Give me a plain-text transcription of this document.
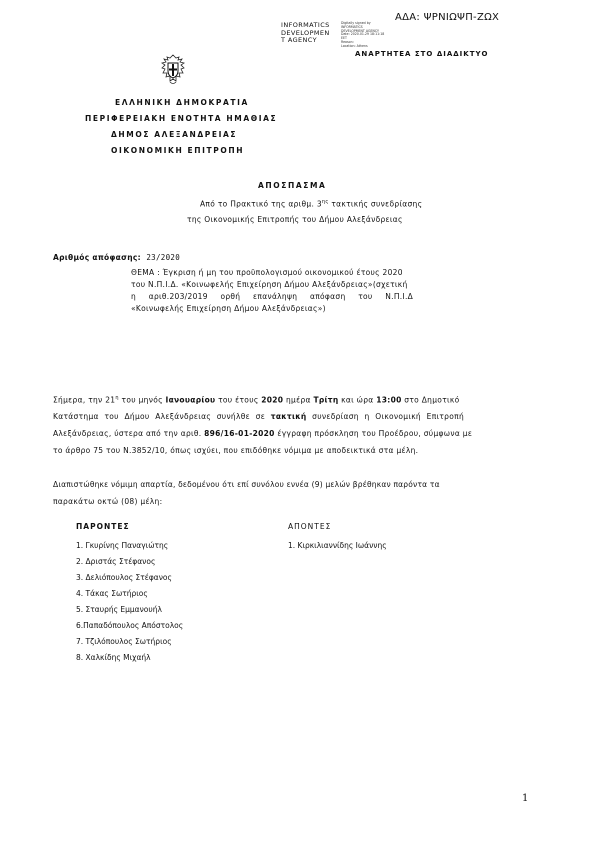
ΑΔΑ: ΨΡΝΙΩΨΠ-ΖΩΧ
INFORMATICS
DEVELOPMEN
T AGENCY
Digitally signed by
INFORMATICS
DEVELOPMENT AGENCY
Date: 2020.01.29 18:11:18
EET
Reason:
Location: Athens
ΑΝΑΡΤΗΤΕΑ ΣΤΟ ΔΙΑΔΙΚΤΥΟ
ΕΛΛΗΝΙΚΗ ΔΗΜΟΚΡΑΤΙΑ
ΠΕΡΙΦΕΡΕΙΑΚΗ ΕΝΟΤΗΤΑ ΗΜΑΘΙΑΣ
ΔΗΜΟΣ ΑΛΕΞΑΝΔΡΕΙΑΣ
ΟΙΚΟΝΟΜΙΚΗ ΕΠΙΤΡΟΠΗ
ΑΠΟΣΠΑΣΜΑ
Από το Πρακτικό της αριθμ. $3^{\eta\varsigma}$ τακτικής συνεδρίασης
της Οικονομικής Επιτροπής του Δήμου Αλεξάνδρειας
Αριθμός απόφασης: 23/2020
ΘΕΜΑ : Έγκριση ή μη του προϋπολογισμού οικονομικού έτους 2020
του Ν.Π.Ι.Δ. «Κοινωφελής Επιχείρηση Δήμου Αλεξάνδρειας»(σχετική
η αριθ.203/2019 ορθή επανάληψη απόφαση του Ν.Π.Ι.Δ
«Κοινωφελής Επιχείρηση Δήμου Αλεξάνδρειας»)
Σήμερα, την $21^\eta$ του μηνός Ιανουαρίου του έτους 2020 ημέρα Τρίτη και ώρα 13:00 στο Δημοτικό
Κατάστημα του Δήμου Αλεξάνδρειας συνήλθε σε τακτική συνεδρίαση η Οικονομική Επιτροπή
Αλεξάνδρειας, ύστερα από την αριθ. 896/16-01-2020 έγγραφη πρόσκληση του Προέδρου, σύμφωνα με
το άρθρο 75 του Ν.3852/10, όπως ισχύει, που επιδόθηκε νόμιμα με αποδεικτικά στα μέλη.
Διαπιστώθηκε νόμιμη απαρτία, δεδομένου ότι επί συνόλου εννέα (9) μελών βρέθηκαν παρόντα τα
παρακάτω οκτώ (08) μέλη:
ΠΑΡΟΝΤΕΣ
1. Γκυρίνης Παναγιώτης
2. Δριστάς Στέφανος
3. Δελιόπουλος Στέφανος
4. Τάκας Σωτήριος
5. Σταυρής Εμμανουήλ
6.Παπαδόπουλος Απόστολος
7. Τζιλόπουλος Σωτήριος
8. Χαλκίδης Μιχαήλ
ΑΠΟΝΤΕΣ
1. Κιρκιλιαννίδης Ιωάννης
1
